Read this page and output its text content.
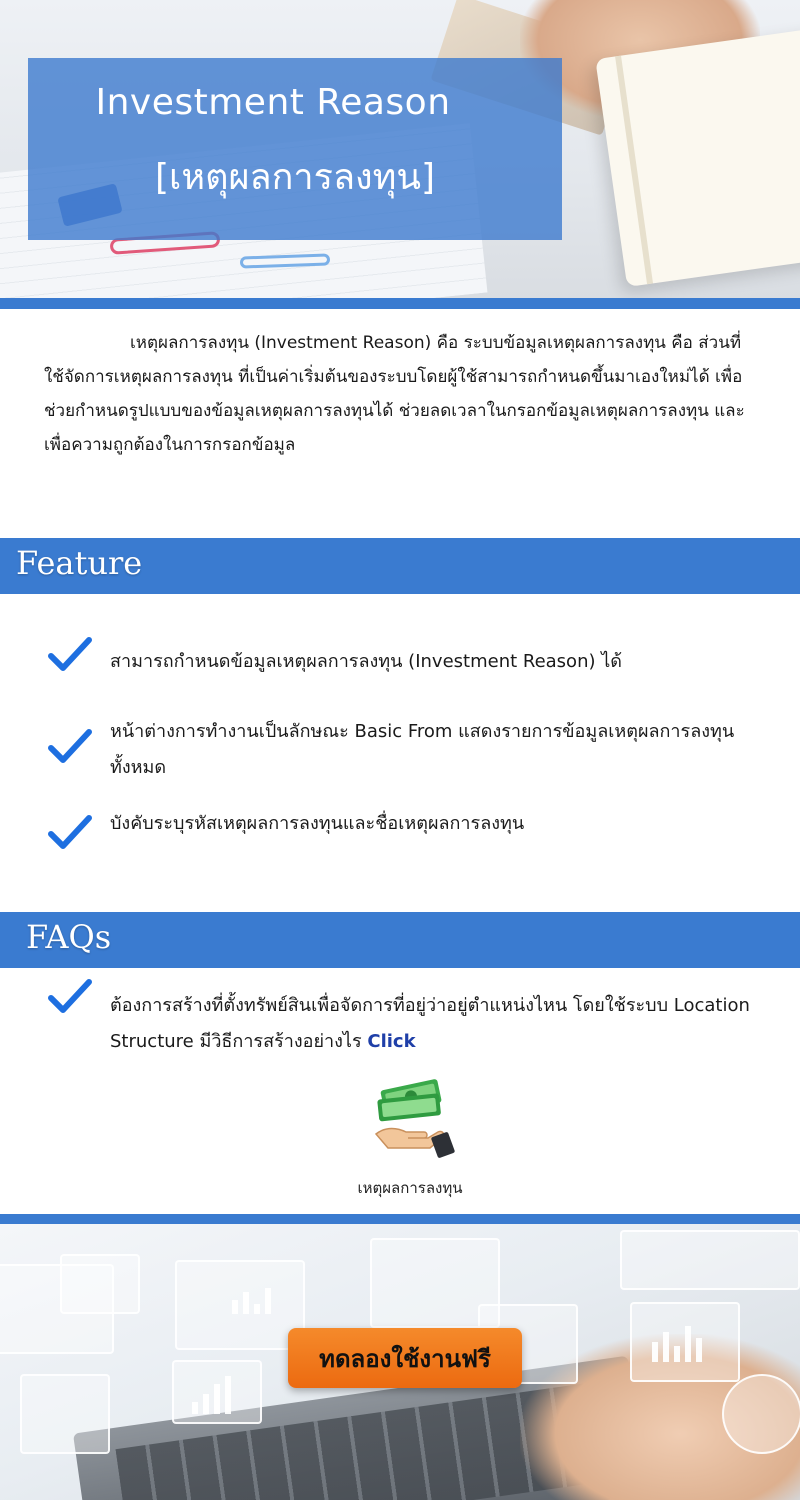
Investment Reason
[เหตุผลการลงทุน]

เหตุผลการลงทุน (Investment Reason) คือ ระบบข้อมูลเหตุผลการลงทุน คือ ส่วนที่ใช้จัดการเหตุผลการลงทุน ที่เป็นค่าเริ่มต้นของระบบโดยผู้ใช้สามารถกำหนดขึ้นมาเองใหม่ได้ เพื่อช่วยกำหนดรูปแบบของข้อมูลเหตุผลการลงทุนได้ ช่วยลดเวลาในกรอกข้อมูลเหตุผลการลงทุน และเพื่อความถูกต้องในการกรอกข้อมูล

Feature
สามารถกำหนดข้อมูลเหตุผลการลงทุน (Investment Reason) ได้
หน้าต่างการทำงานเป็นลักษณะ Basic From แสดงรายการข้อมูลเหตุผลการลงทุนทั้งหมด
บังคับระบุรหัสเหตุผลการลงทุนและชื่อเหตุผลการลงทุน
FAQs
ต้องการสร้างที่ตั้งทรัพย์สินเพื่อจัดการที่อยู่ว่าอยู่ตำแหน่งไหน โดยใช้ระบบ Location Structure มีวิธีการสร้างอย่างไร Click
เหตุผลการลงทุน
ทดลองใช้งานฟรี
